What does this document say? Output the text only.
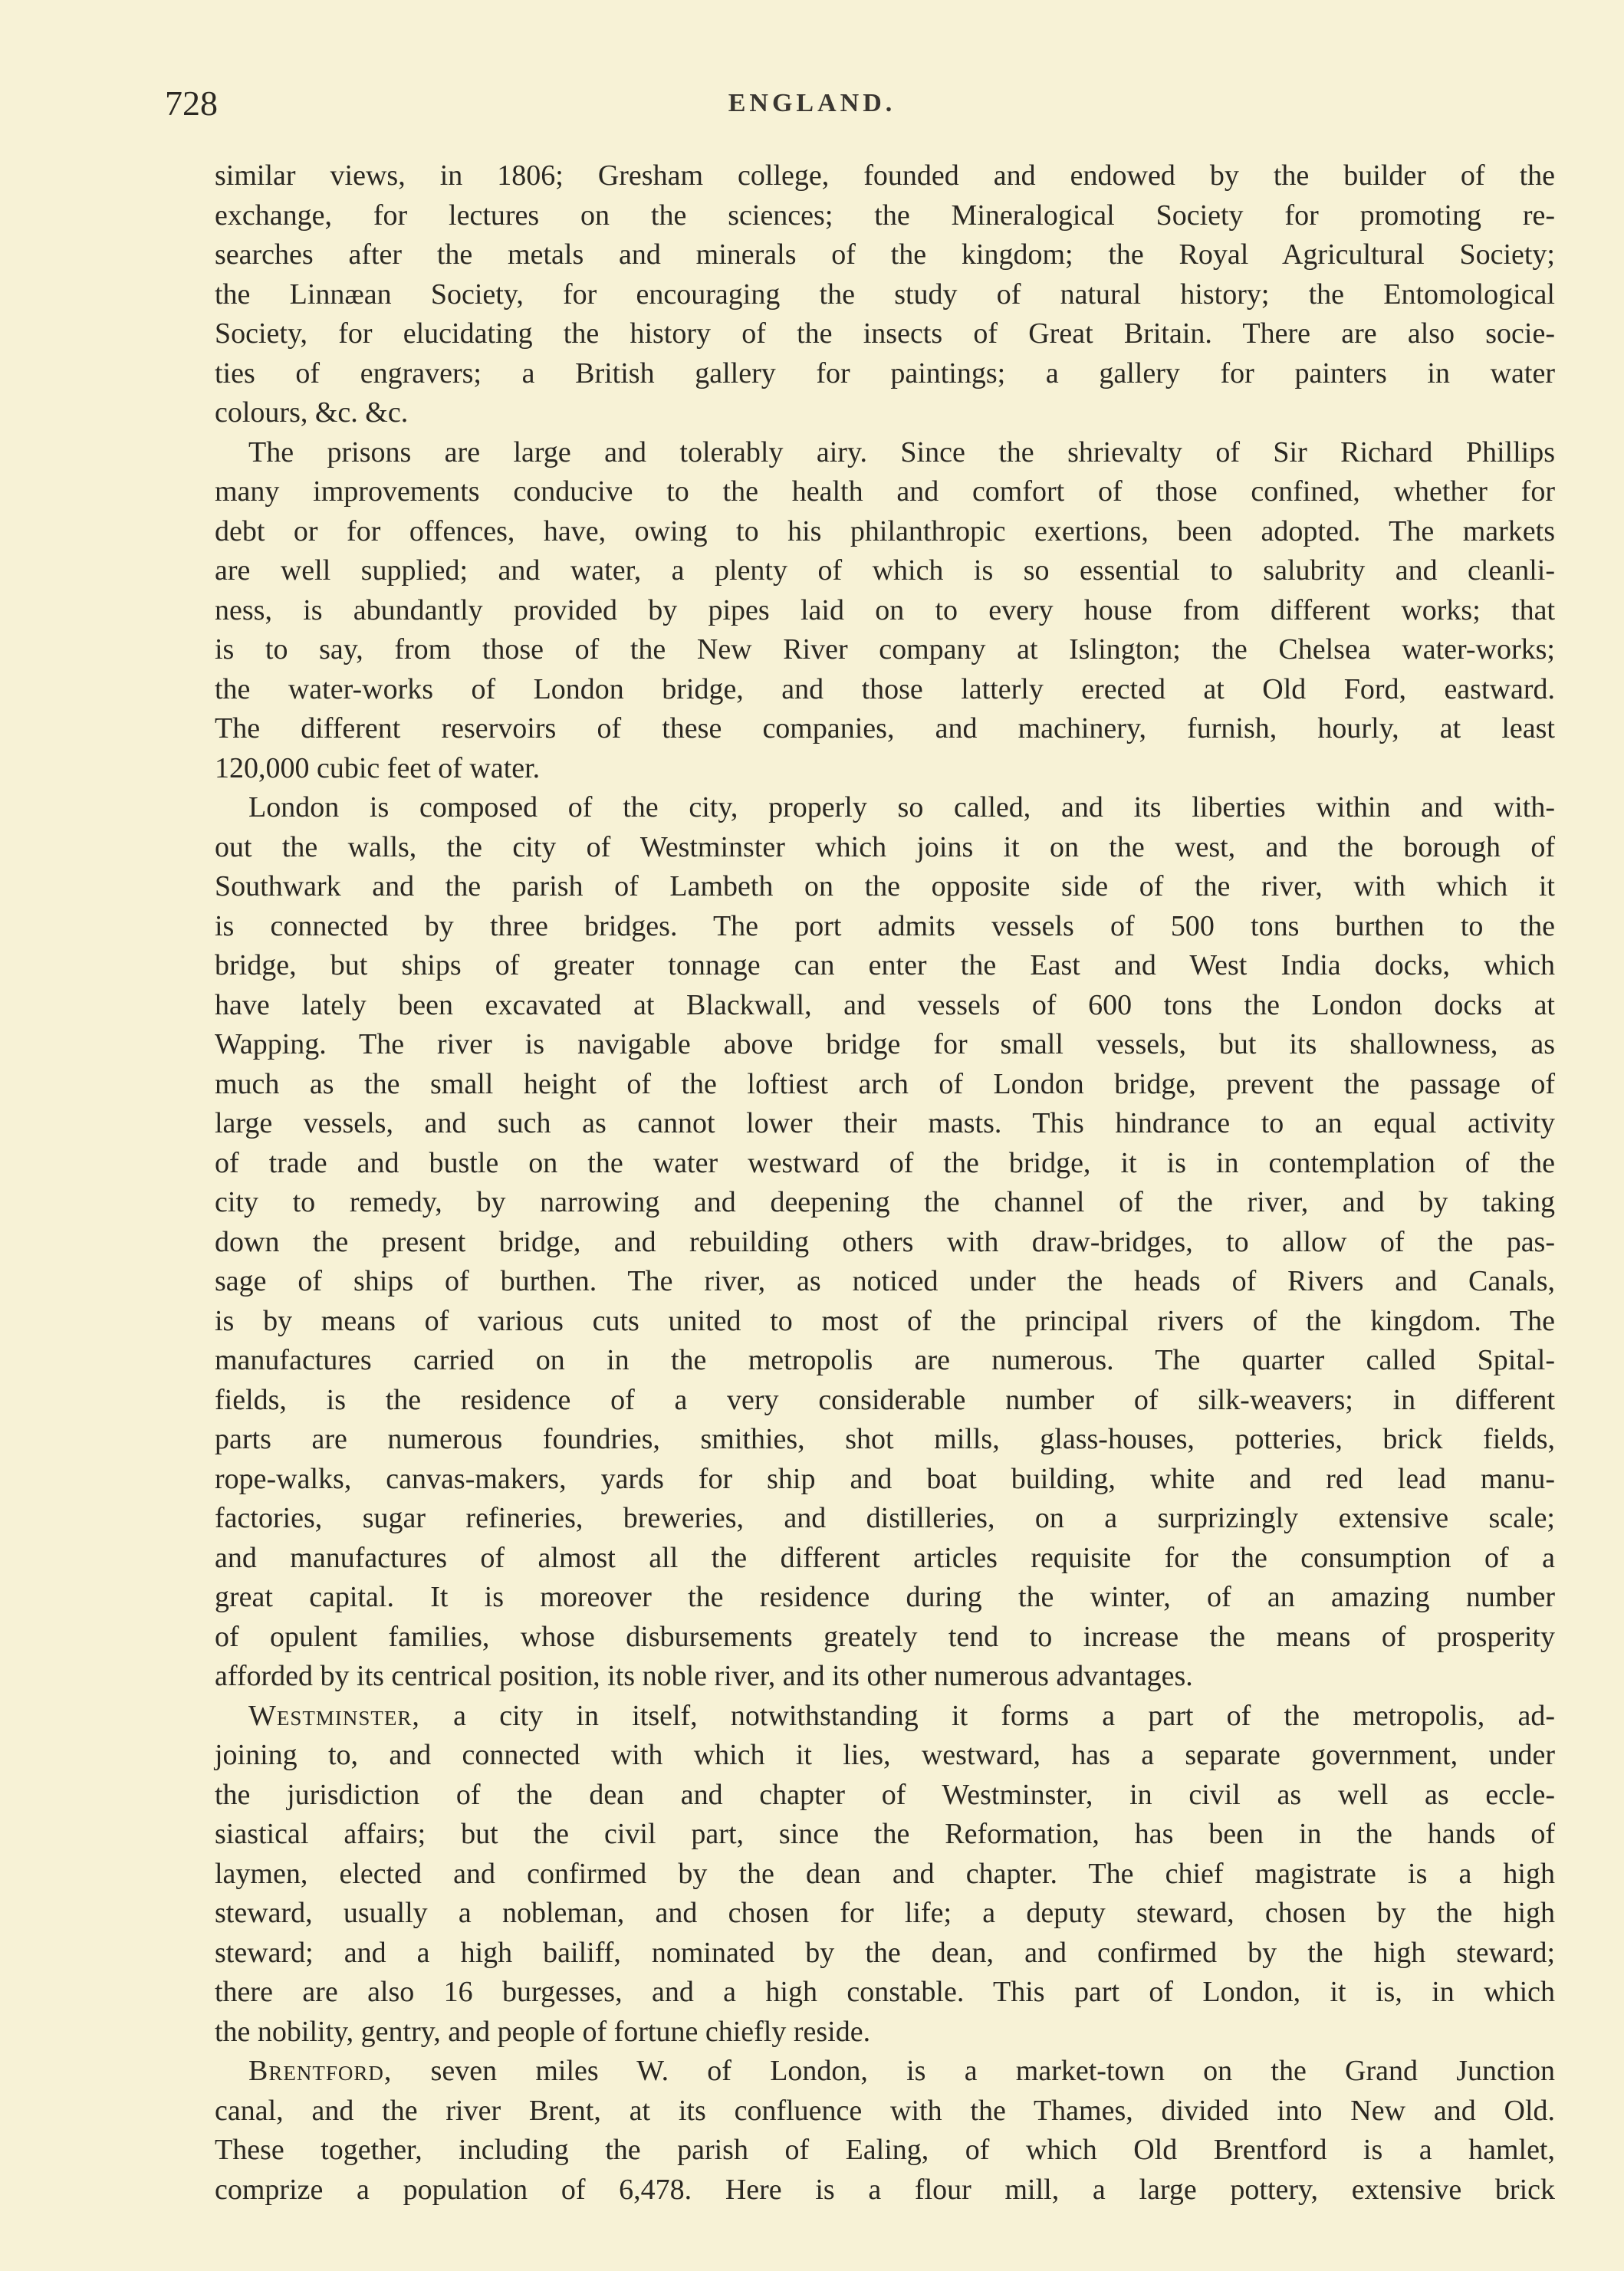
728	ENGLAND.
similar views, in 1806; Gresham college, founded and endowed by the builder of the
exchange, for lectures on the sciences; the Mineralogical Society for promoting re-
searches after the metals and minerals of the kingdom; the Royal Agricultural Society;
the Linnæan Society, for encouraging the study of natural history; the Entomological
Society, for elucidating the history of the insects of Great Britain. There are also socie-
ties of engravers; a British gallery for paintings; a gallery for painters in water
colours, &c. &c.
The prisons are large and tolerably airy. Since the shrievalty of Sir Richard Phillips
many improvements conducive to the health and comfort of those confined, whether for
debt or for offences, have, owing to his philanthropic exertions, been adopted. The markets
are well supplied; and water, a plenty of which is so essential to salubrity and cleanli-
ness, is abundantly provided by pipes laid on to every house from different works; that
is to say, from those of the New River company at Islington; the Chelsea water-works;
the water-works of London bridge, and those latterly erected at Old Ford, eastward.
The different reservoirs of these companies, and machinery, furnish, hourly, at least
120,000 cubic feet of water.
London is composed of the city, properly so called, and its liberties within and with-
out the walls, the city of Westminster which joins it on the west, and the borough of
Southwark and the parish of Lambeth on the opposite side of the river, with which it
is connected by three bridges. The port admits vessels of 500 tons burthen to the
bridge, but ships of greater tonnage can enter the East and West India docks, which
have lately been excavated at Blackwall, and vessels of 600 tons the London docks at
Wapping. The river is navigable above bridge for small vessels, but its shallowness, as
much as the small height of the loftiest arch of London bridge, prevent the passage of
large vessels, and such as cannot lower their masts. This hindrance to an equal activity
of trade and bustle on the water westward of the bridge, it is in contemplation of the
city to remedy, by narrowing and deepening the channel of the river, and by taking
down the present bridge, and rebuilding others with draw-bridges, to allow of the pas-
sage of ships of burthen. The river, as noticed under the heads of Rivers and Canals,
is by means of various cuts united to most of the principal rivers of the kingdom. The
manufactures carried on in the metropolis are numerous. The quarter called Spital-
fields, is the residence of a very considerable number of silk-weavers; in different
parts are numerous foundries, smithies, shot mills, glass-houses, potteries, brick fields,
rope-walks, canvas-makers, yards for ship and boat building, white and red lead manu-
factories, sugar refineries, breweries, and distilleries, on a surprizingly extensive scale;
and manufactures of almost all the different articles requisite for the consumption of a
great capital. It is moreover the residence during the winter, of an amazing number
of opulent families, whose disbursements greately tend to increase the means of prosperity
afforded by its centrical position, its noble river, and its other numerous advantages.
Westminster, a city in itself, notwithstanding it forms a part of the metropolis, ad-
joining to, and connected with which it lies, westward, has a separate government, under
the jurisdiction of the dean and chapter of Westminster, in civil as well as eccle-
siastical affairs; but the civil part, since the Reformation, has been in the hands of
laymen, elected and confirmed by the dean and chapter. The chief magistrate is a high
steward, usually a nobleman, and chosen for life; a deputy steward, chosen by the high
steward; and a high bailiff, nominated by the dean, and confirmed by the high steward;
there are also 16 burgesses, and a high constable. This part of London, it is, in which
the nobility, gentry, and people of fortune chiefly reside.
Brentford, seven miles W. of London, is a market-town on the Grand Junction
canal, and the river Brent, at its confluence with the Thames, divided into New and Old.
These together, including the parish of Ealing, of which Old Brentford is a hamlet,
comprize a population of 6,478. Here is a flour mill, a large pottery, extensive brick
